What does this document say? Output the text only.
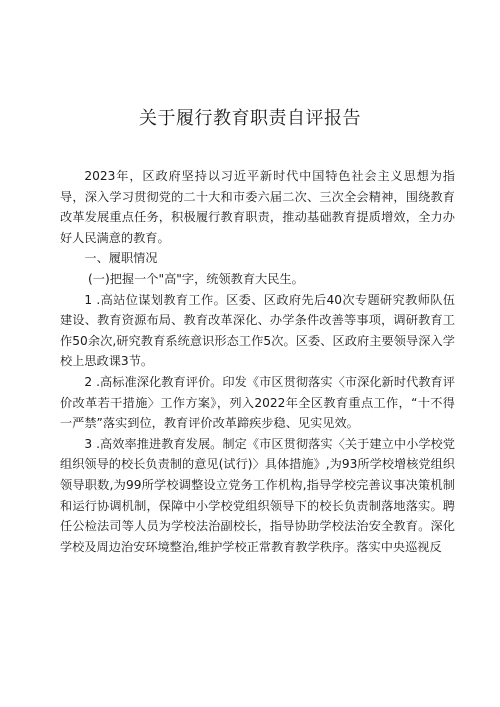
关于履行教育职责自评报告

2023年，区政府坚持以习近平新时代中国特色社会主义思想为指导，深入学习贯彻党的二十大和市委六届二次、三次全会精神，围绕教育改革发展重点任务，积极履行教育职责，推动基础教育提质增效，全力办好人民满意的教育。

一、履职情况

(一)把握一个"高"字，统领教育大民生。

1 .高站位谋划教育工作。区委、区政府先后40次专题研究教师队伍建设、教育资源布局、教育改革深化、办学条件改善等事项，调研教育工作50余次,研究教育系统意识形态工作5次。区委、区政府主要领导深入学校上思政课3节。

2 .高标准深化教育评价。印发《市区贯彻落实〈市深化新时代教育评价改革若干措施〉工作方案》，列入2022年全区教育重点工作，“十不得一严禁”落实到位，教育评价改革蹄疾步稳、见实见效。

3 .高效率推进教育发展。制定《市区贯彻落实〈关于建立中小学校党组织领导的校长负责制的意见(试行)〉具体措施》,为93所学校增核党组织领导职数,为99所学校调整设立党务工作机构,指导学校完善议事决策机制和运行协调机制，保障中小学校党组织领导下的校长负责制落地落实。聘任公检法司等人员为学校法治副校长，指导协助学校法治安全教育。深化学校及周边治安环境整治,维护学校正常教育教学秩序。落实中央巡视反
